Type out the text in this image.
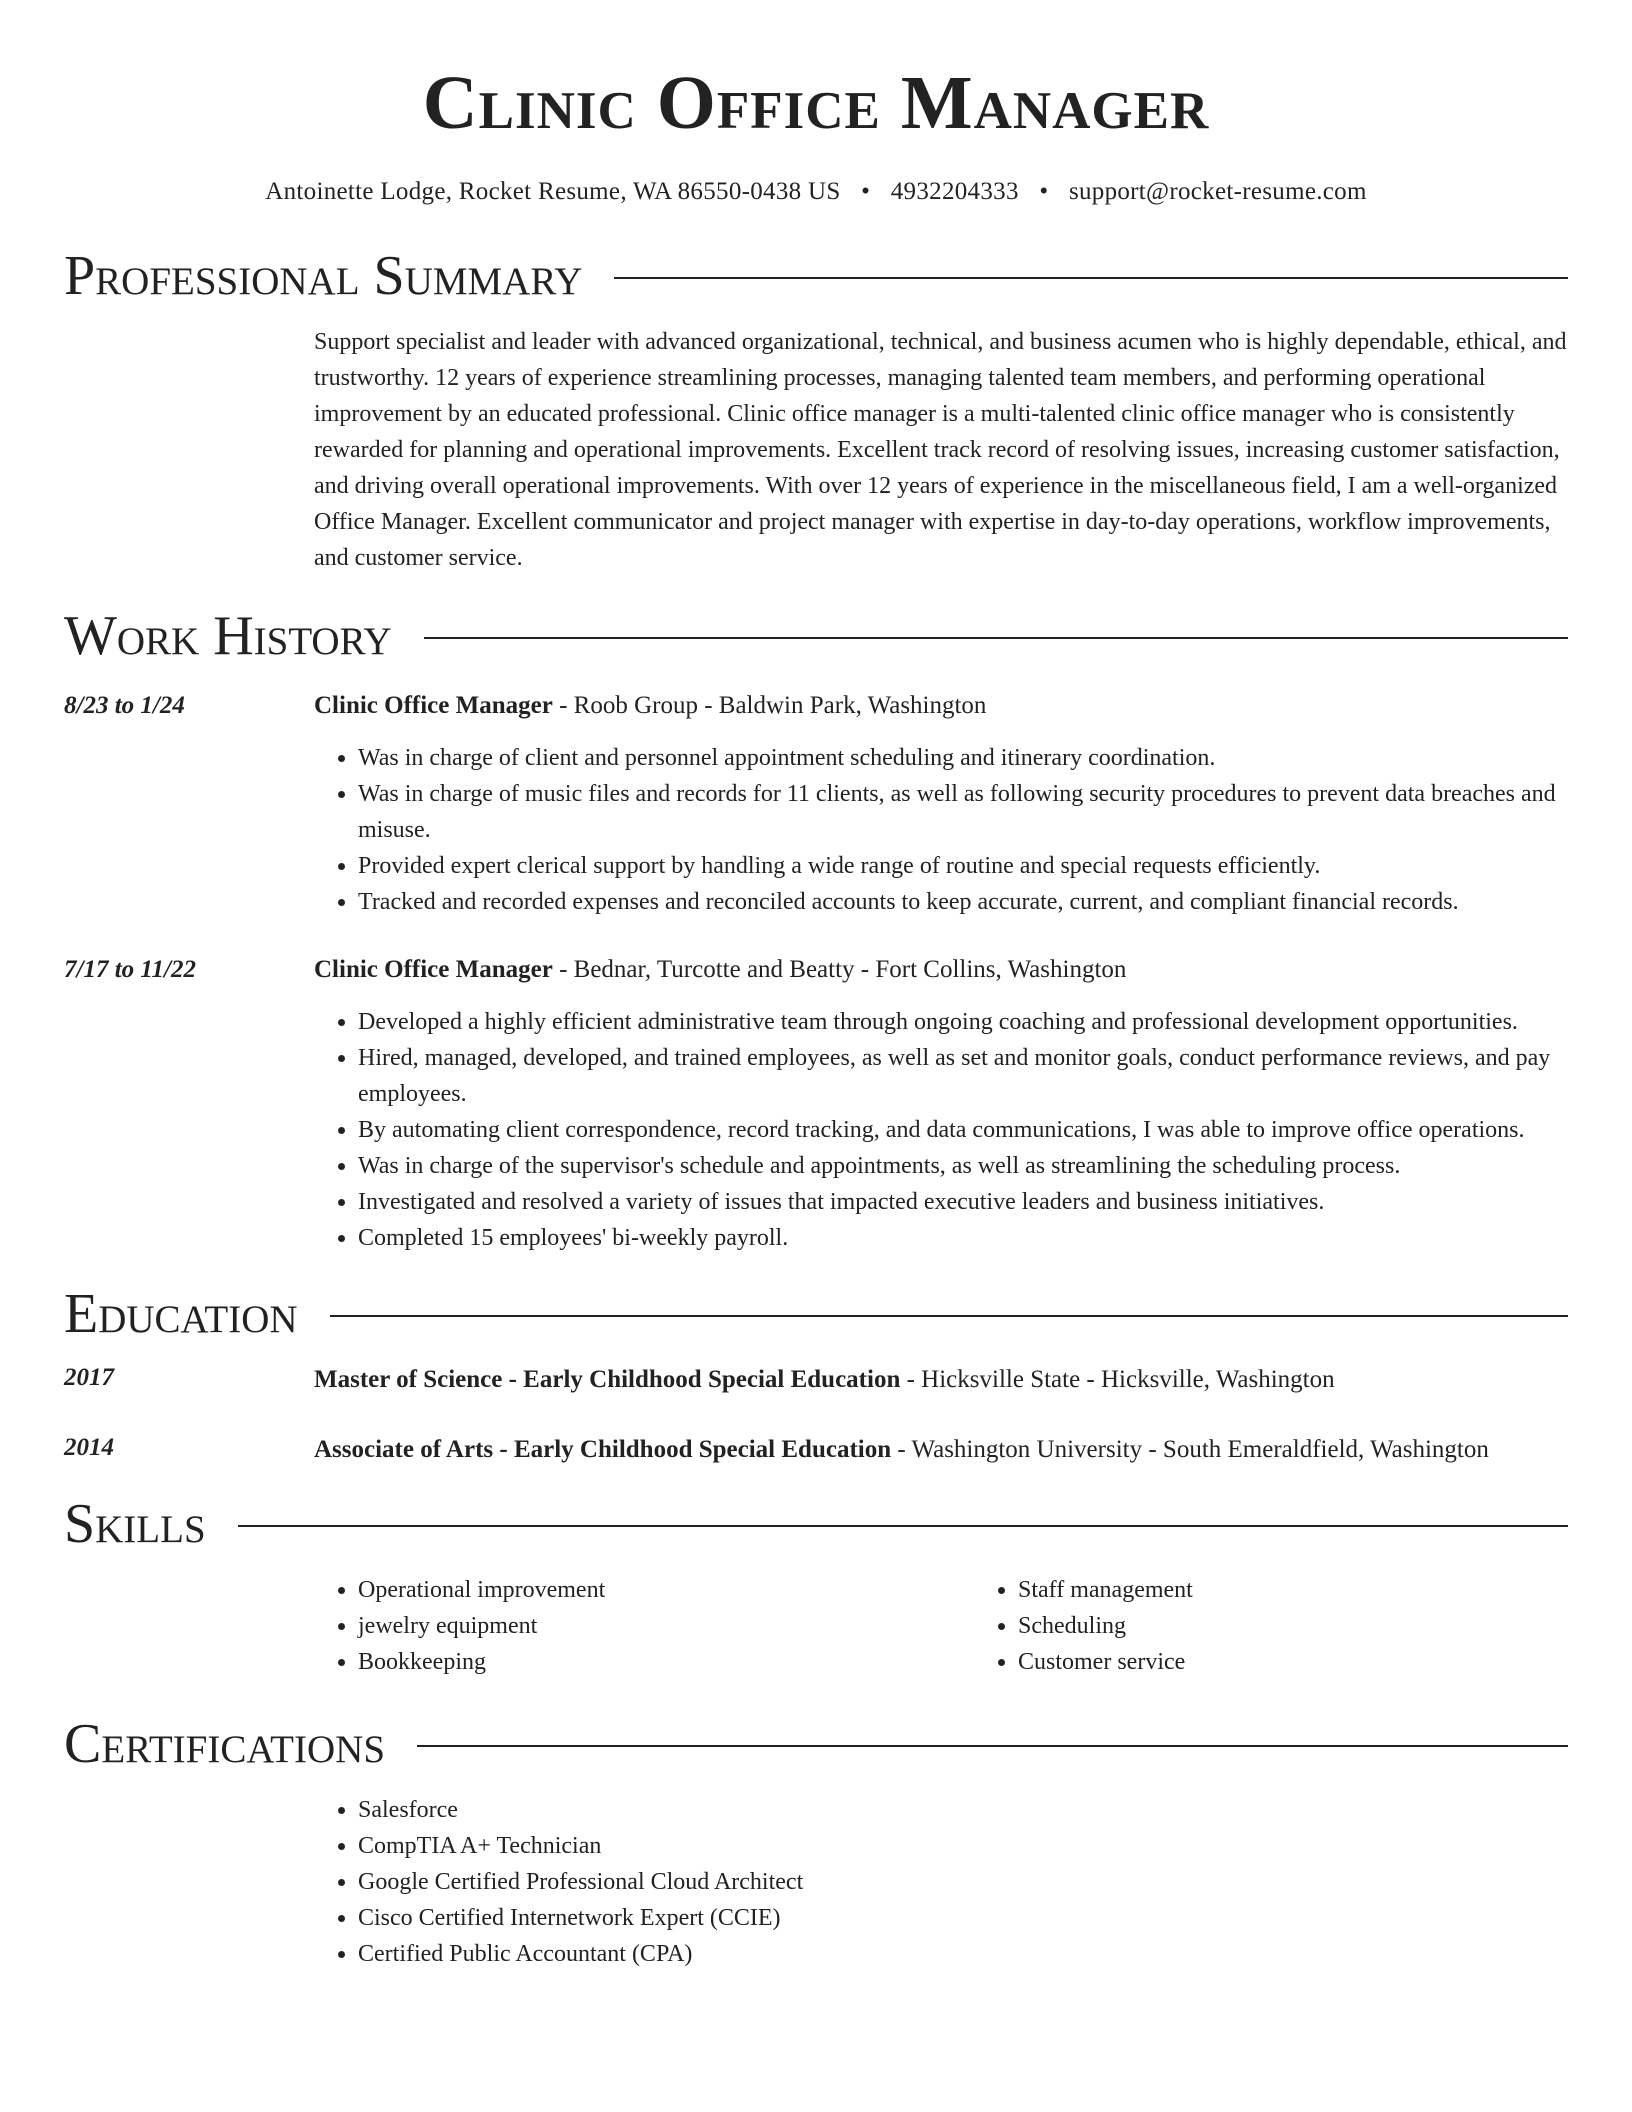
Clinic Office Manager
Antoinette Lodge, Rocket Resume, WA 86550-0438 US • 4932204333 • support@rocket-resume.com
Professional Summary
Support specialist and leader with advanced organizational, technical, and business acumen who is highly dependable, ethical, and trustworthy. 12 years of experience streamlining processes, managing talented team members, and performing operational improvement by an educated professional. Clinic office manager is a multi-talented clinic office manager who is consistently rewarded for planning and operational improvements. Excellent track record of resolving issues, increasing customer satisfaction, and driving overall operational improvements. With over 12 years of experience in the miscellaneous field, I am a well-organized Office Manager. Excellent communicator and project manager with expertise in day-to-day operations, workflow improvements, and customer service.
Work History
8/23 to 1/24	Clinic Office Manager - Roob Group - Baldwin Park, Washington
• Was in charge of client and personnel appointment scheduling and itinerary coordination.
• Was in charge of music files and records for 11 clients, as well as following security procedures to prevent data breaches and misuse.
• Provided expert clerical support by handling a wide range of routine and special requests efficiently.
• Tracked and recorded expenses and reconciled accounts to keep accurate, current, and compliant financial records.
7/17 to 11/22	Clinic Office Manager - Bednar, Turcotte and Beatty - Fort Collins, Washington
• Developed a highly efficient administrative team through ongoing coaching and professional development opportunities.
• Hired, managed, developed, and trained employees, as well as set and monitor goals, conduct performance reviews, and pay employees.
• By automating client correspondence, record tracking, and data communications, I was able to improve office operations.
• Was in charge of the supervisor's schedule and appointments, as well as streamlining the scheduling process.
• Investigated and resolved a variety of issues that impacted executive leaders and business initiatives.
• Completed 15 employees' bi-weekly payroll.
Education
2017	Master of Science - Early Childhood Special Education - Hicksville State - Hicksville, Washington
2014	Associate of Arts - Early Childhood Special Education - Washington University - South Emeraldfield, Washington
Skills
• Operational improvement
• jewelry equipment
• Bookkeeping
• Staff management
• Scheduling
• Customer service
Certifications
• Salesforce
• CompTIA A+ Technician
• Google Certified Professional Cloud Architect
• Cisco Certified Internetwork Expert (CCIE)
• Certified Public Accountant (CPA)
